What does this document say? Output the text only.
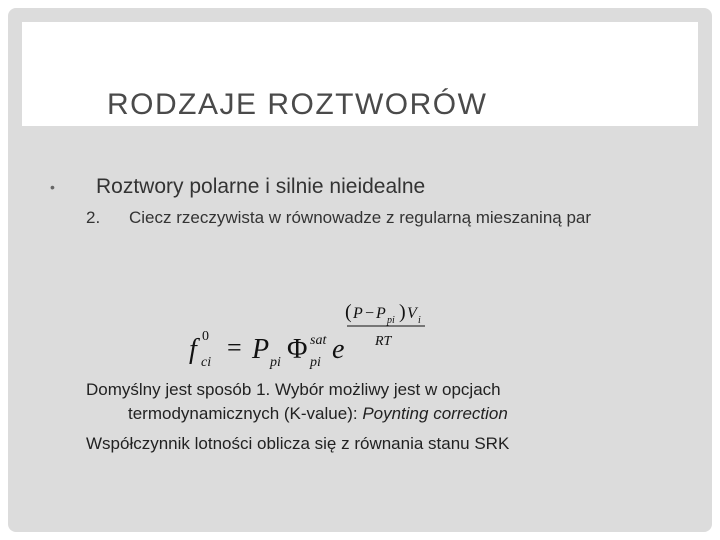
RODZAJE ROZTWORÓW
• Roztwory polarne i silnie nieidealne
2. Ciecz rzeczywista w równowadze z regularną mieszaniną par
f 0
ci
= P pi Φ sat
pi e
( P − P pi ) V i
RT
Domyślny jest sposób 1. Wybór możliwy jest w opcjach
termodynamicznych (K-value): Poynting correction
Współczynnik lotności oblicza się z równania stanu SRK
